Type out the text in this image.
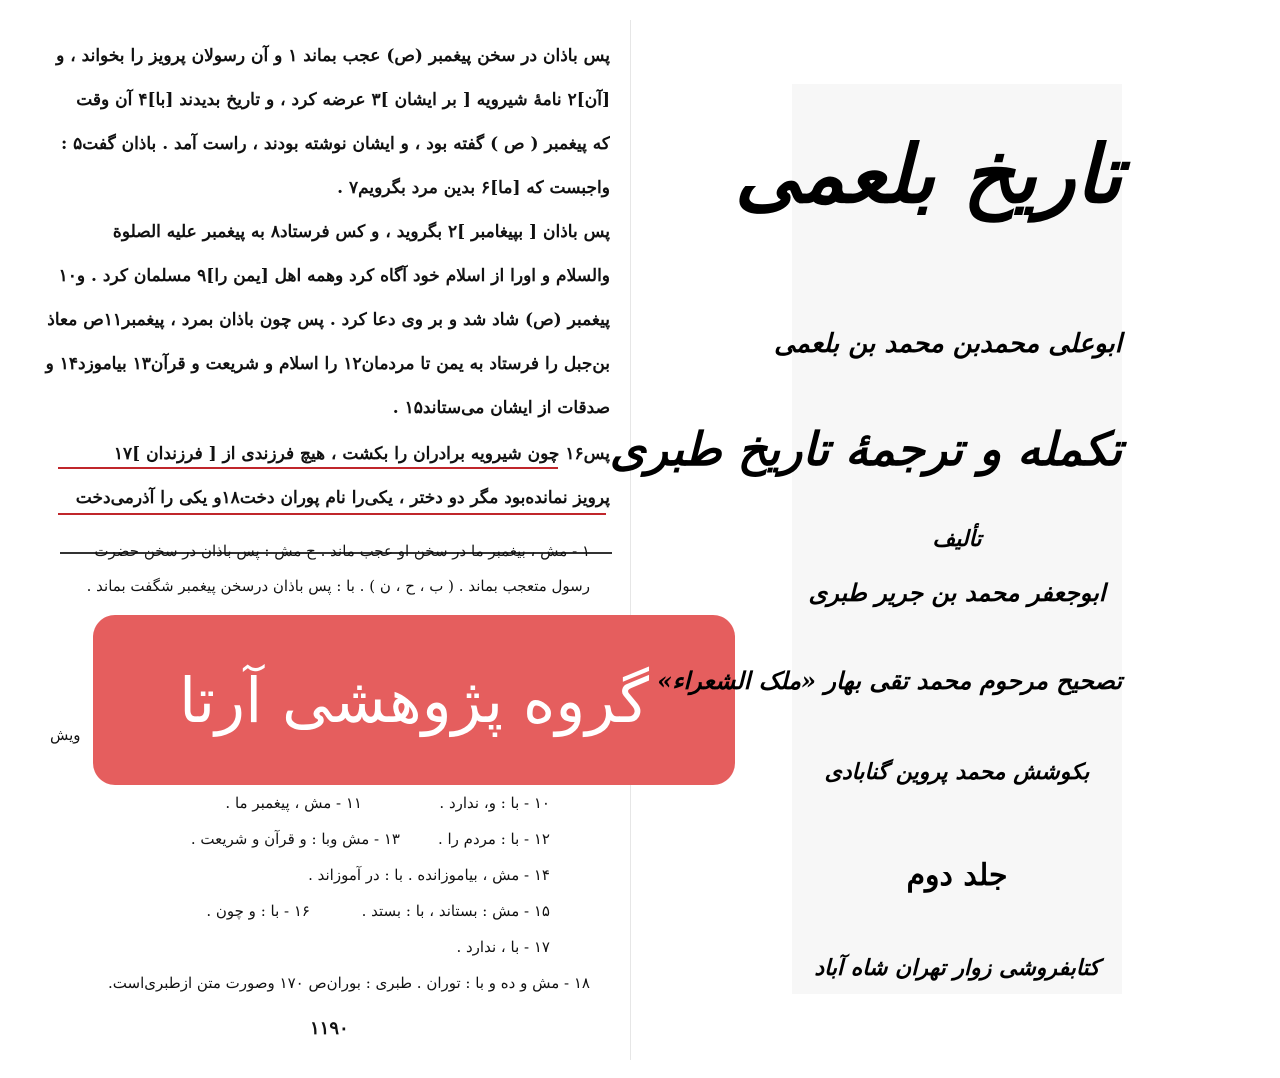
پس باذان در سخن پیغمبر (ص) عجب بماند ۱ و آن رسولان پرویز را بخواند ، و
[آن]۲ نامهٔ شیرویه [ بر ایشان ]۳ عرضه کرد ، و تاریخ بدیدند [با]۴ آن وقت
که پیغمبر ( ص ) گفته بود ، و ایشان نوشته بودند ، راست آمد . باذان گفت۵ :
واجبست که [ما]۶ بدین مرد بگرویم۷ .
پس باذان [ بپیغامبر ]۲ بگروید ، و کس فرستاد۸ به پیغمبر علیه الصلوة
والسلام و اورا از اسلام خود آگاه کرد وهمه اهل [یمن را]۹ مسلمان کرد . و۱۰
پیغمبر (ص) شاد شد و بر وی دعا کرد . پس چون باذان بمرد ، پیغمبر۱۱ص معاذ
بن‌جبل را فرستاد به یمن تا مردمان۱۲ را اسلام و شریعت و قرآن۱۳ بیاموزد۱۴ و
صدقات از ایشان می‌ستاند۱۵ .
پس۱۶ چون شیرویه برادران را بکشت ، هیچ فرزندی از [ فرزندان ]۱۷
پرویز نمانده‌بود مگر دو دختر ، یکی‌را نام پوران دخت۱۸و یکی را آذرمی‌دخت
۱ - مش ، بیغمبر ما در سخن او عجب ماند . ح مش : پس باذان در سخن حضرت
رسول متعجب بماند . ( ب ، ح ، ن ) . با : پس باذان درسخن پیغمبر شگفت بماند .
ویش
۱۰ - با : و، ندارد .
۱۱ - مش ، پیغمبر ما .
۱۲ - با : مردم را .
۱۳ - مش وبا : و قرآن و شریعت .
۱۴ - مش ، بیاموزانده . با : در آموزاند .
۱۵ - مش : بستاند ، با : بستد .
۱۶ - با : و چون .
۱۷ - با ، ندارد .
۱۸ - مش و ده و با : توران . طبری : بوران‌ص ۱۷۰ وصورت متن ازطبری‌است.
۱۱۹۰
گروه پژوهشی آرتا
تاریخ بلعمی
ابوعلی محمدبن محمد بن بلعمی
تکمله و ترجمهٔ تاریخ طبری
تألیف
ابوجعفر محمد بن جریر طبری
تصحیح مرحوم محمد تقی بهار «ملک الشعراء»
بکوشش محمد پروین گنابادی
جلد دوم
کتابفروشی زوار تهران شاه آباد
